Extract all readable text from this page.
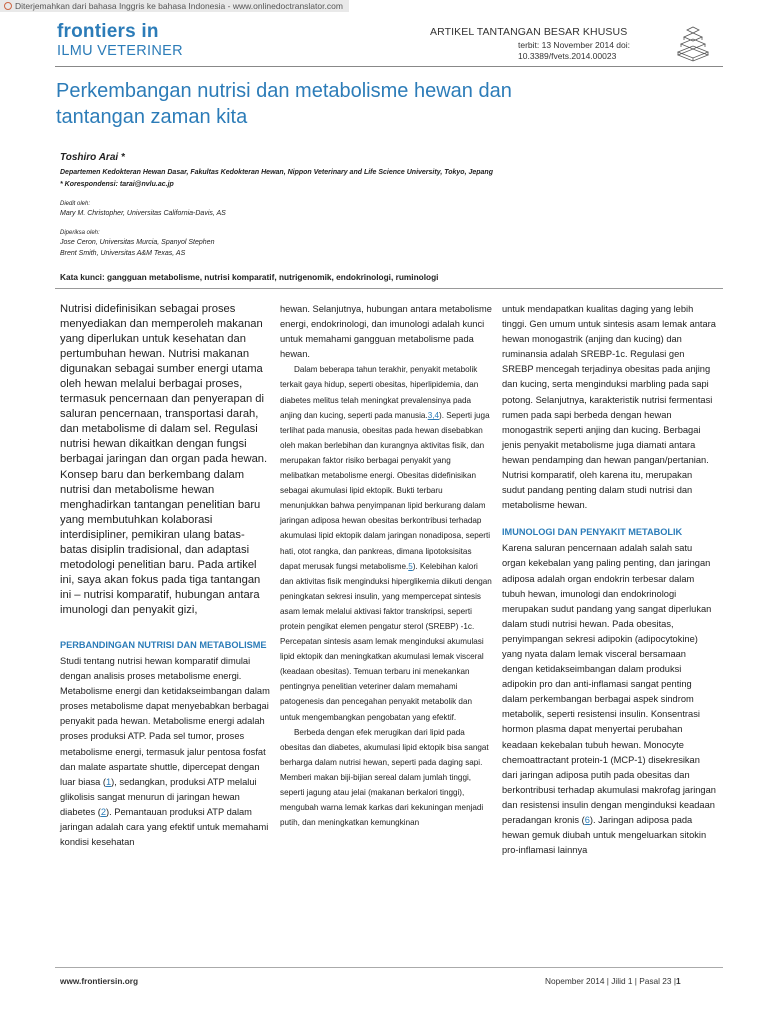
Diterjemahkan dari bahasa Inggris ke bahasa Indonesia - www.onlinedoctranslator.com
frontiers in
ILMU VETERINER
ARTIKEL TANTANGAN BESAR KHUSUS
terbit: 13 November 2014 doi:
10.3389/fvets.2014.00023
Perkembangan nutrisi dan metabolisme hewan dan
tantangan zaman kita
Toshiro Arai *
Departemen Kedokteran Hewan Dasar, Fakultas Kedokteran Hewan, Nippon Veterinary and Life Science University, Tokyo, Jepang
* Korespondensi: tarai@nvlu.ac.jp
Diedit oleh:
Mary M. Christopher, Universitas California-Davis, AS
Diperiksa oleh:
Jose Ceron, Universitas Murcia, Spanyol Stephen
Brent Smith, Universitas A&M Texas, AS
Kata kunci: gangguan metabolisme, nutrisi komparatif, nutrigenomik, endokrinologi, ruminologi

Nutrisi didefinisikan sebagai proses menyediakan dan memperoleh makanan yang diperlukan untuk kesehatan dan pertumbuhan hewan. Nutrisi makanan digunakan sebagai sumber energi utama oleh hewan melalui berbagai proses, termasuk pencernaan dan penyerapan di saluran pencernaan, transportasi darah, dan metabolisme di dalam sel. Regulasi nutrisi hewan dikaitkan dengan fungsi berbagai jaringan dan organ pada hewan. Konsep baru dan berkembang dalam nutrisi dan metabolisme hewan menghadirkan tantangan penelitian baru yang membutuhkan kolaborasi interdisipliner, pemikiran ulang batas-batas disiplin tradisional, dan adaptasi metodologi penelitian baru. Pada artikel ini, saya akan fokus pada tiga tantangan ini – nutrisi komparatif, hubungan antara imunologi dan penyakit gizi,

PERBANDINGAN NUTRISI DAN METABOLISME

Studi tentang nutrisi hewan komparatif dimulai dengan analisis proses metabolisme energi. Metabolisme energi dan ketidakseimbangan dalam proses metabolisme dapat menyebabkan berbagai penyakit pada hewan. Metabolisme energi adalah proses produksi ATP. Pada sel tumor, proses metabolisme energi, termasuk jalur pentosa fosfat dan malate aspartate shuttle, dipercepat dengan luar biasa (1), sedangkan, produksi ATP melalui glikolisis sangat menurun di jaringan hewan diabetes (2). Pemantauan produksi ATP dalam jaringan adalah cara yang efektif untuk memahami kondisi kesehatan

hewan. Selanjutnya, hubungan antara metabolisme energi, endokrinologi, dan imunologi adalah kunci untuk memahami gangguan metabolisme pada hewan.

Dalam beberapa tahun terakhir, penyakit metabolik terkait gaya hidup, seperti obesitas, hiperlipidemia, dan diabetes melitus telah meningkat prevalensinya pada anjing dan kucing, seperti pada manusia.3,4). Seperti juga terlihat pada manusia, obesitas pada hewan disebabkan oleh makan berlebihan dan kurangnya aktivitas fisik, dan merupakan faktor risiko berbagai penyakit yang melibatkan metabolisme energi. Obesitas didefinisikan sebagai akumulasi lipid ektopik. Bukti terbaru menunjukkan bahwa penyimpanan lipid berkurang dalam jaringan adiposa hewan obesitas berkontribusi terhadap akumulasi lipid ektopik dalam jaringan nonadiposa, seperti hati, otot rangka, dan pankreas, dimana lipotoksisitas dapat merusak fungsi metabolisme.5). Kelebihan kalori dan aktivitas fisik menginduksi hiperglikemia diikuti dengan peningkatan sekresi insulin, yang mempercepat sintesis asam lemak melalui aktivasi faktor transkripsi, seperti protein pengikat elemen pengatur sterol (SREBP) -1c. Percepatan sintesis asam lemak menginduksi akumulasi lipid ektopik dan meningkatkan akumulasi lemak visceral (keadaan obesitas). Temuan terbaru ini menekankan pentingnya penelitian veteriner dalam memahami patogenesis dan pencegahan penyakit metabolik dan untuk mengembangkan pengobatan yang efektif.

Berbeda dengan efek merugikan dari lipid pada obesitas dan diabetes, akumulasi lipid ektopik bisa sangat berharga dalam nutrisi hewan, seperti pada daging sapi. Memberi makan biji-bijian sereal dalam jumlah tinggi, seperti jagung atau jelai (makanan berkalori tinggi), mengubah warna lemak karkas dari kekuningan menjadi putih, dan meningkatkan kemungkinan

untuk mendapatkan kualitas daging yang lebih tinggi. Gen umum untuk sintesis asam lemak antara hewan monogastrik (anjing dan kucing) dan ruminansia adalah SREBP-1c. Regulasi gen SREBP mencegah terjadinya obesitas pada anjing dan kucing, serta menginduksi marbling pada sapi potong. Selanjutnya, karakteristik nutrisi fermentasi rumen pada sapi berbeda dengan hewan monogastrik seperti anjing dan kucing. Berbagai jenis penyakit metabolisme juga diamati antara hewan pendamping dan hewan pangan/pertanian. Nutrisi komparatif, oleh karena itu, merupakan sudut pandang penting dalam studi nutrisi dan metabolisme hewan.

IMUNOLOGI DAN PENYAKIT METABOLIK

Karena saluran pencernaan adalah salah satu organ kekebalan yang paling penting, dan jaringan adiposa adalah organ endokrin terbesar dalam tubuh hewan, imunologi dan endokrinologi merupakan sudut pandang yang sangat diperlukan dalam studi nutrisi hewan. Pada obesitas, penyimpangan sekresi adipokin (adipocytokine) yang nyata dalam lemak visceral bersamaan dengan ketidakseimbangan dalam produksi adipokin pro dan anti-inflamasi sangat penting dalam perkembangan berbagai aspek sindrom metabolik, seperti resistensi insulin. Konsentrasi hormon plasma dapat menyertai perubahan keadaan kekebalan tubuh hewan. Monocyte chemoattractant protein-1 (MCP-1) disekresikan dari jaringan adiposa putih pada obesitas dan berkontribusi terhadap akumulasi makrofag jaringan dan resistensi insulin dengan menginduksi keadaan peradangan kronis (6). Jaringan adiposa pada hewan gemuk diubah untuk mengeluarkan sitokin pro-inflamasi lainnya

www.frontiersin.org	Nopember 2014 | Jilid 1 | Pasal 23 |1
